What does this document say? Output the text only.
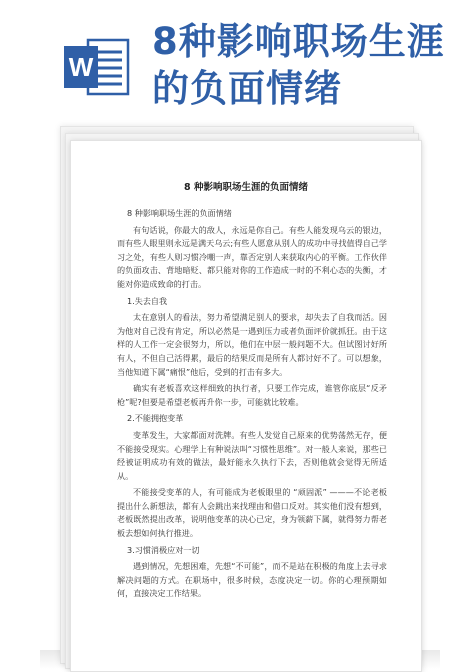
W
8种影响职场生涯
的负面情绪
8 种影响职场生涯的负面情绪

8 种影响职场生涯的负面情绪

有句话说，你最大的敌人，永远是你自己。有些人能发现乌云的银边，而有些人眼里则永远是满天乌云;有些人愿意从别人的成功中寻找值得自己学习之处，有些人则习惯冷嘲一声，靠否定别人来获取内心的平衡。工作伙伴的负面攻击、背地暗贬、都只能对你的工作造成一时的不利心态的失衡，才能对你造成致命的打击。

1.失去自我

太在意别人的看法，努力希望满足别人的要求，却失去了自我而活。因为他对自己没有肯定，所以必然是一遇到压力或者负面评价就抓狂。由于这样的人工作一定会很努力，所以，他们在中层一般问题不大。但试图讨好所有人，不但自己活得累，最后的结果反而是所有人都讨好不了。可以想象，当他知道下属“痛恨”他后，受到的打击有多大。

确实有老板喜欢这样细致的执行者，只要工作完成，谁管你底层“反矛枪”呢?但要是希望老板再升你一步，可能就比较难。

2.不能拥抱变革

变革发生，大家都面对洗牌。有些人发觉自己原来的优势荡然无存，便不能接受现实。心理学上有种说法叫“习惯性思维”。对一般人来说，那些已经被证明成功有效的做法，最好能永久执行下去，否则他就会觉得无所适从。

不能接受变革的人，有可能成为老板眼里的 “顽固派” ———不论老板提出什么新想法，都有人会跳出来找理由和借口反对。其实他们没有想到，老板既然提出改革，说明他变革的决心已定，身为领薪下属，就得努力帮老板去想如何执行推进。

3.习惯消极应对一切

遇到情况，先想困难，先想“不可能”，而不是站在积极的角度上去寻求解决问题的方式。在职场中，很多时候，态度决定一切。你的心理预期如何，直接决定工作结果。
